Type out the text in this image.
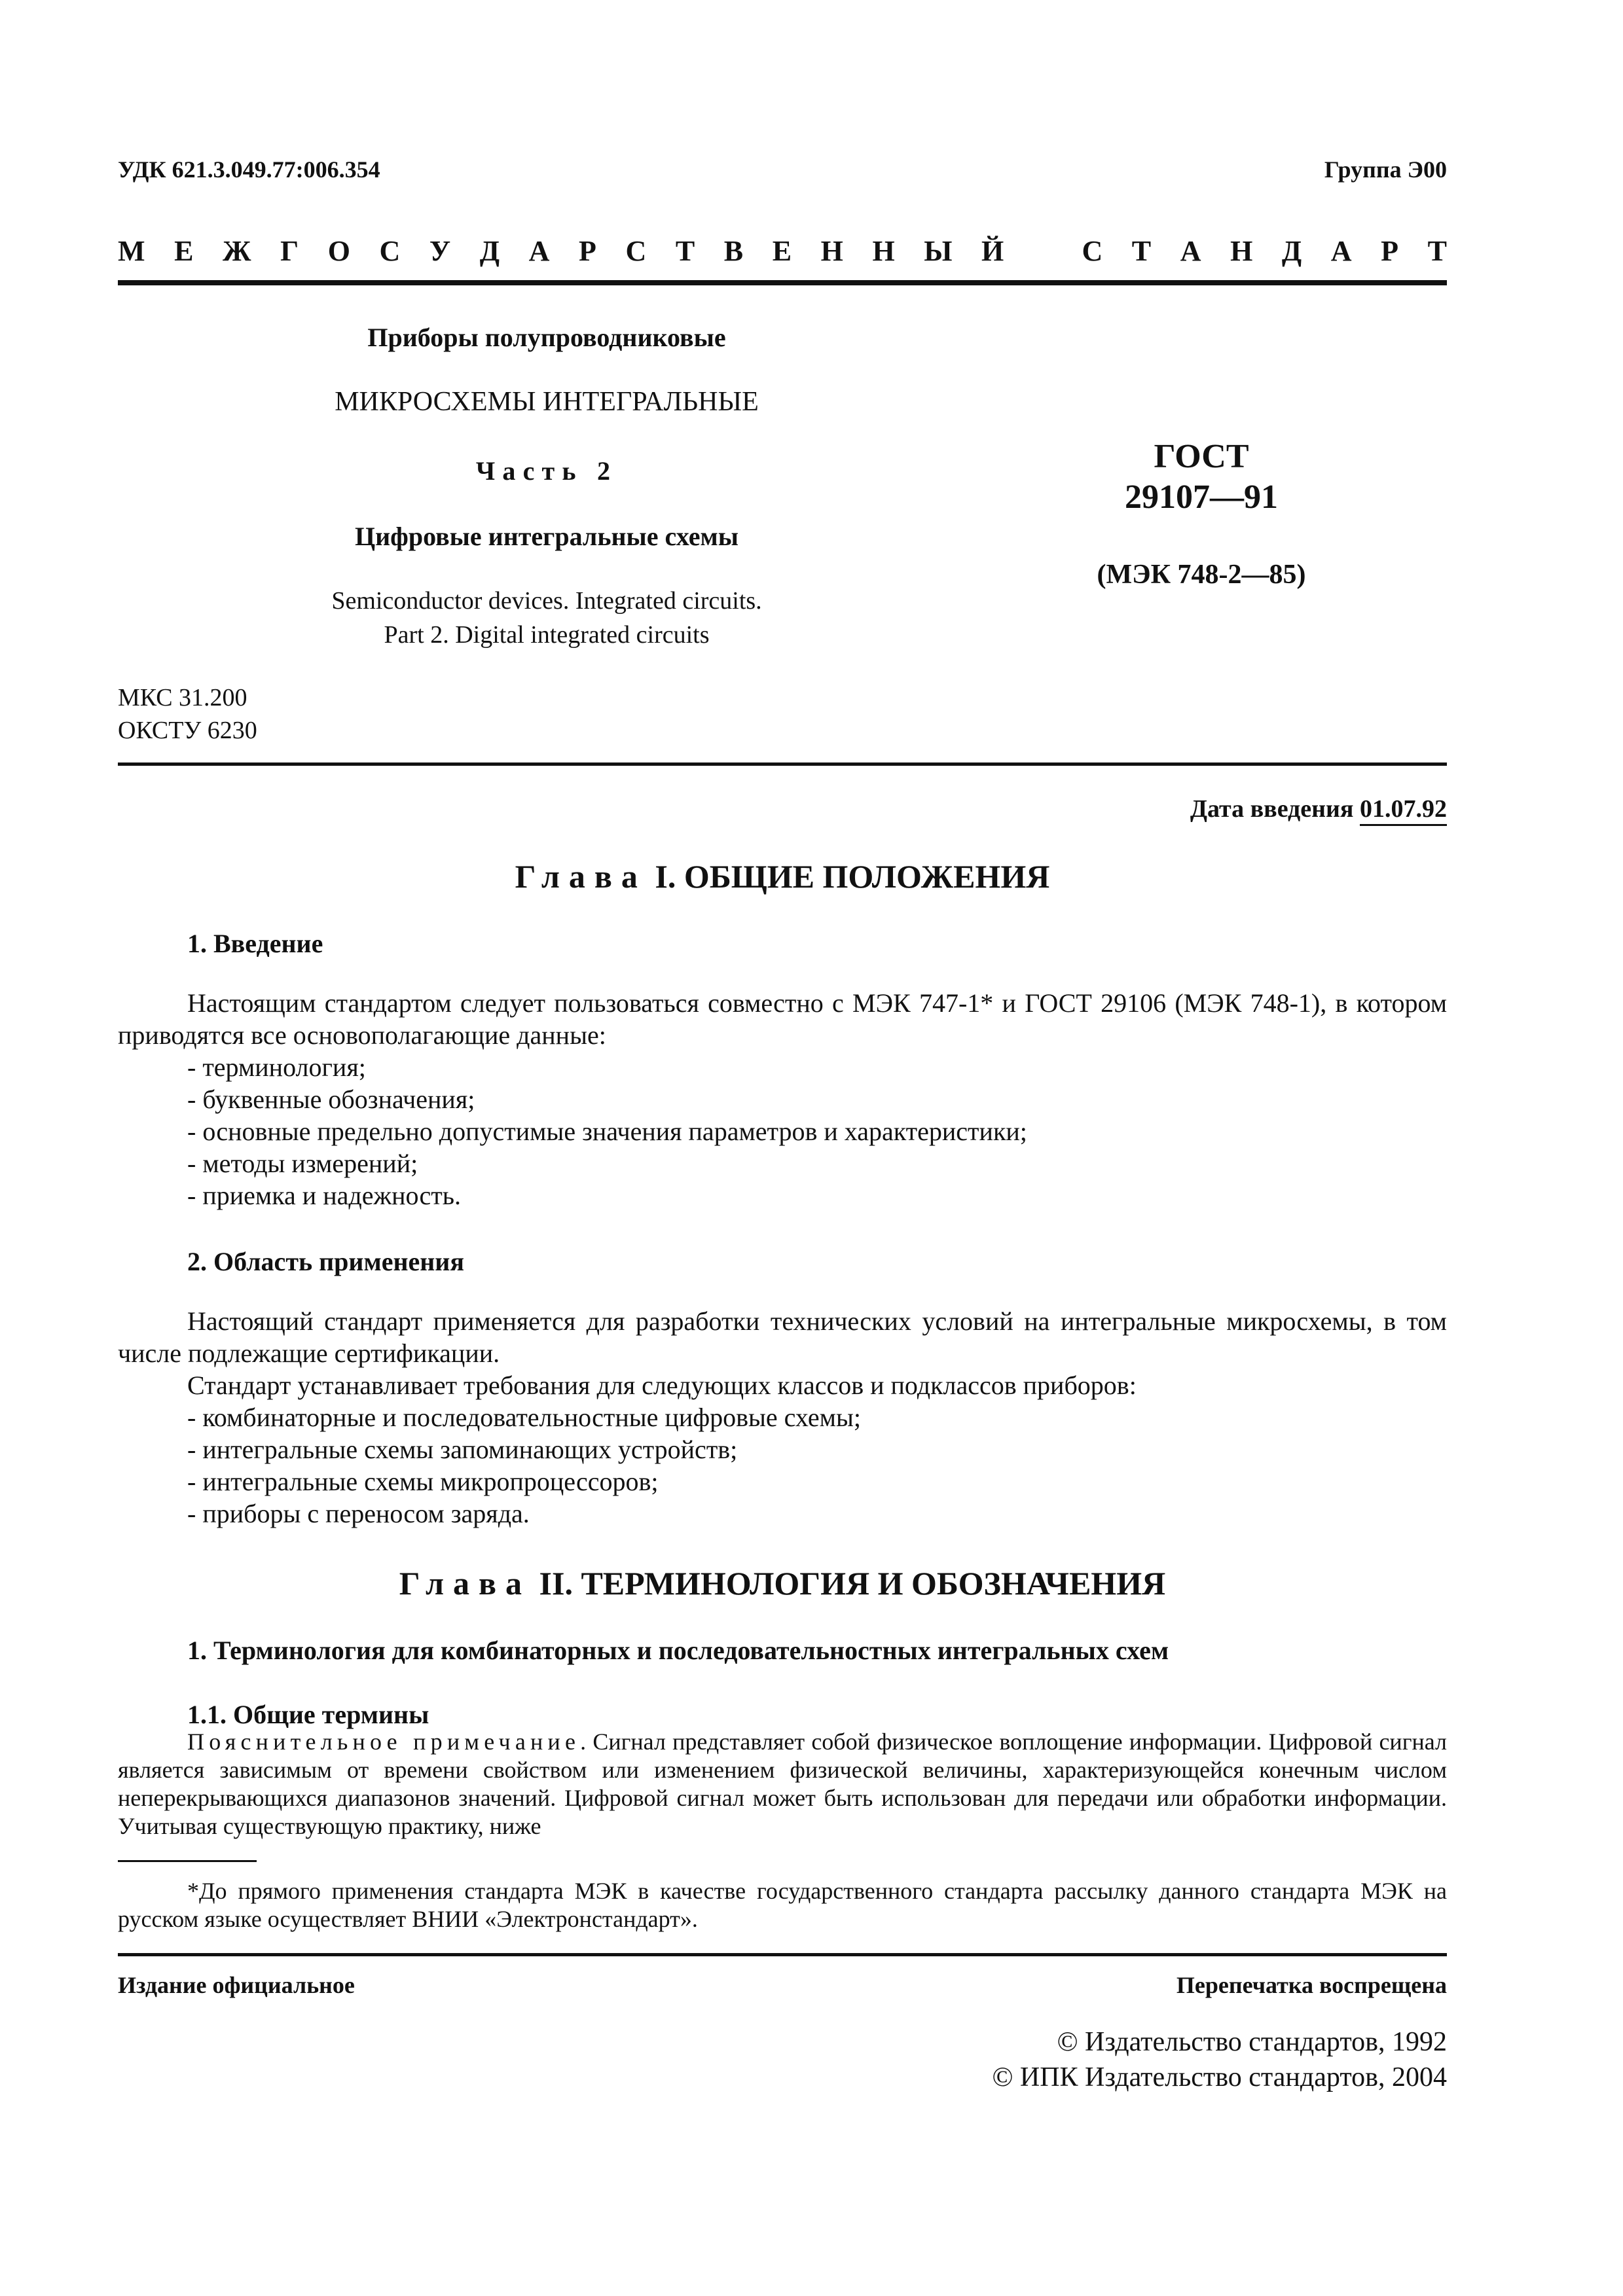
УДК 621.3.049.77:006.354	Группа Э00
М Е Ж Г О С У Д А Р С Т В Е Н Н Ы Й	С Т А Н Д А Р Т
Приборы полупроводниковые
МИКРОСХЕМЫ ИНТЕГРАЛЬНЫЕ
Часть 2
Цифровые интегральные схемы
Semiconductor devices. Integrated circuits.
Part 2. Digital integrated circuits
ГОСТ
29107—91
(МЭК 748-2—85)
МКС 31.200
ОКСТУ 6230
Дата введения 01.07.92
Глава I. ОБЩИЕ ПОЛОЖЕНИЯ
1. Введение
Настоящим стандартом следует пользоваться совместно с МЭК 747-1* и ГОСТ 29106 (МЭК 748-1), в котором приводятся все основополагающие данные:
- терминология;
- буквенные обозначения;
- основные предельно допустимые значения параметров и характеристики;
- методы измерений;
- приемка и надежность.
2. Область применения
Настоящий стандарт применяется для разработки технических условий на интегральные микросхемы, в том числе подлежащие сертификации.
Стандарт устанавливает требования для следующих классов и подклассов приборов:
- комбинаторные и последовательностные цифровые схемы;
- интегральные схемы запоминающих устройств;
- интегральные схемы микропроцессоров;
- приборы с переносом заряда.
Глава II. ТЕРМИНОЛОГИЯ И ОБОЗНАЧЕНИЯ
1. Терминология для комбинаторных и последовательностных интегральных схем
1.1. Общие термины
Пояснительное примечание. Сигнал представляет собой физическое воплощение информации. Цифровой сигнал является зависимым от времени свойством или изменением физической величины, характеризующейся конечным числом неперекрывающихся диапазонов значений. Цифровой сигнал может быть использован для передачи или обработки информации. Учитывая существующую практику, ниже
*До прямого применения стандарта МЭК в качестве государственного стандарта рассылку данного стандарта МЭК на русском языке осуществляет ВНИИ «Электронстандарт».
Издание официальное	Перепечатка воспрещена
© Издательство стандартов, 1992
© ИПК Издательство стандартов, 2004
